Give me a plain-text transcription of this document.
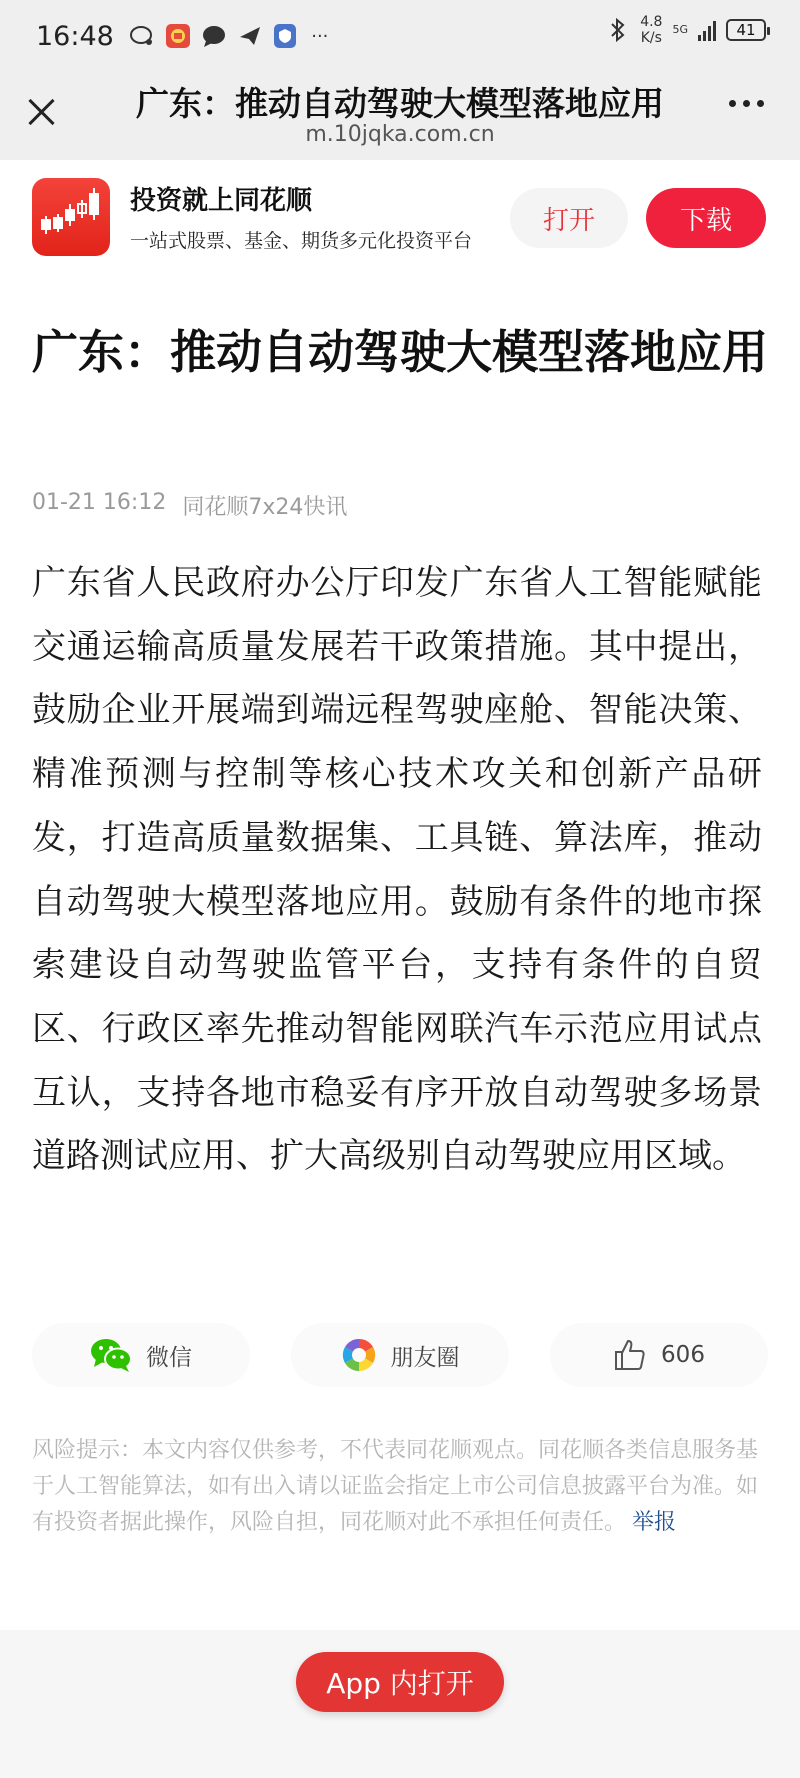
16:48	···
4.8
K/s
5G	41
广东：推动自动驾驶大模型落地应用
m.10jqka.com.cn
投资就上同花顺
一站式股票、基金、期货多元化投资平台
打开	下载
广东：推动自动驾驶大模型落地应用
01-21 16:12 同花顺7x24快讯
广东省人民政府办公厅印发广东省人工智能赋能交通运输高质量发展若干政策措施。其中提出，鼓励企业开展端到端远程驾驶座舱、智能决策、精准预测与控制等核心技术攻关和创新产品研发，打造高质量数据集、工具链、算法库，推动自动驾驶大模型落地应用。鼓励有条件的地市探索建设自动驾驶监管平台，支持有条件的自贸区、行政区率先推动智能网联汽车示范应用试点互认，支持各地市稳妥有序开放自动驾驶多场景道路测试应用、扩大高级别自动驾驶应用区域。
微信	朋友圈	606
风险提示：本文内容仅供参考，不代表同花顺观点。同花顺各类信息服务基于人工智能算法，如有出入请以证监会指定上市公司信息披露平台为准。如有投资者据此操作，风险自担，同花顺对此不承担任何责任。 举报
App 内打开
